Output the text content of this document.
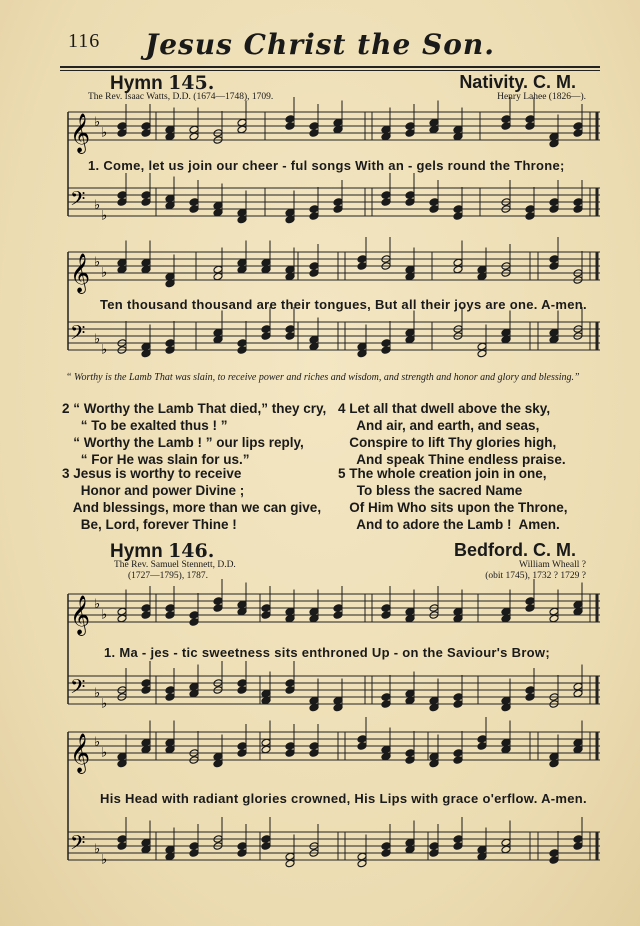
116	Jesus Christ the Son.
Hymn 145.	Nativity. C. M.
The Rev. Isaac Watts, D.D. (1674—1748), 1709.	Henry Lahee (1826—).
𝄞 ♭
♭
𝄢 ♭
♭
1. Come, let us join our cheer - ful songs With an - gels round the Throne;
𝄞 ♭
♭
𝄢 ♭
♭
Ten thousand thousand are their tongues, But all their joys are one. A-men.
“ Worthy is the Lamb That was slain, to receive power and riches and wisdom, and strength and honor and glory and blessing.”
2 “ Worthy the Lamb That died,” they cry,
“ To be exalted thus ! ”
“ Worthy the Lamb ! ” our lips reply,
“ For He was slain for us.”
4 Let all that dwell above the sky,
And air, and earth, and seas,
Conspire to lift Thy glories high,
And speak Thine endless praise.
3 Jesus is worthy to receive
Honor and power Divine ;
And blessings, more than we can give,
Be, Lord, forever Thine !
5 The whole creation join in one,
To bless the sacred Name
Of Him Who sits upon the Throne,
And to adore the Lamb !  Amen.
Hymn 146.	Bedford. C. M.
The Rev. Samuel Stennett, D.D.
(1727—1795), 1787.
William Wheall ?
(obit 1745), 1732 ? 1729 ?
𝄞 ♭
♭
𝄢 ♭
♭
1. Ma - jes - tic sweetness sits enthroned Up - on the Saviour's Brow;
𝄞 ♭
♭
𝄢 ♭
♭
His Head with radiant glories crowned, His Lips with grace o'erflow. A-men.
